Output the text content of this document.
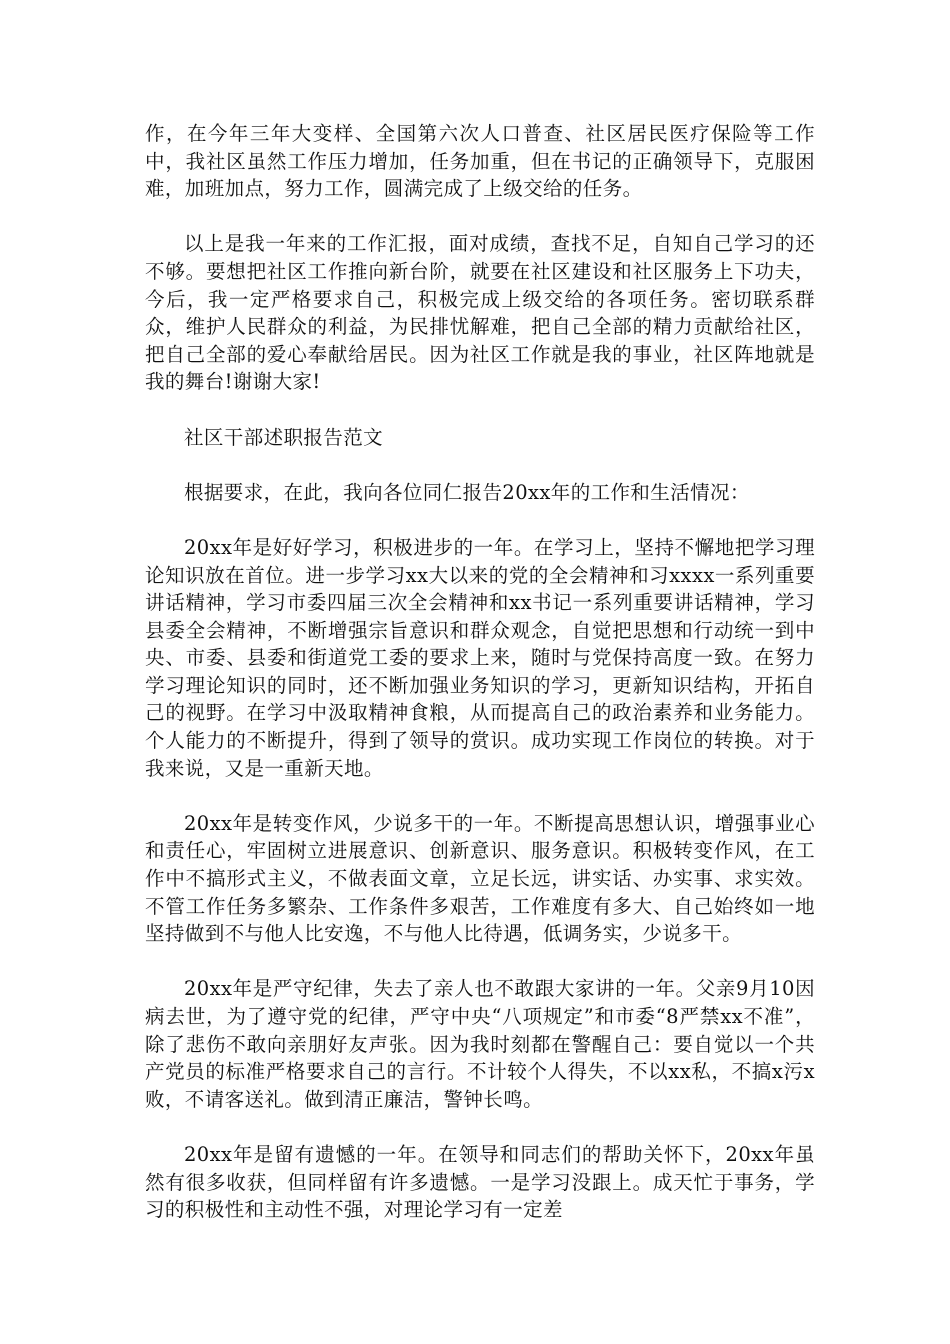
作，在今年三年大变样、全国第六次人口普查、社区居民医疗保险等工作中，我社区虽然工作压力增加，任务加重，但在书记的正确领导下，克服困难，加班加点，努力工作，圆满完成了上级交给的任务。

以上是我一年来的工作汇报，面对成绩，查找不足，自知自己学习的还不够。要想把社区工作推向新台阶，就要在社区建设和社区服务上下功夫，今后，我一定严格要求自己，积极完成上级交给的各项任务。密切联系群众，维护人民群众的利益，为民排忧解难，把自己全部的精力贡献给社区，把自己全部的爱心奉献给居民。因为社区工作就是我的事业，社区阵地就是我的舞台!谢谢大家!

社区干部述职报告范文

根据要求，在此，我向各位同仁报告20xx年的工作和生活情况：

20xx年是好好学习，积极进步的一年。在学习上，坚持不懈地把学习理论知识放在首位。进一步学习xx大以来的党的全会精神和习xxxx一系列重要讲话精神，学习市委四届三次全会精神和xx书记一系列重要讲话精神，学习县委全会精神，不断增强宗旨意识和群众观念，自觉把思想和行动统一到中央、市委、县委和街道党工委的要求上来，随时与党保持高度一致。在努力学习理论知识的同时，还不断加强业务知识的学习，更新知识结构，开拓自己的视野。在学习中汲取精神食粮，从而提高自己的政治素养和业务能力。个人能力的不断提升，得到了领导的赏识。成功实现工作岗位的转换。对于我来说，又是一重新天地。

20xx年是转变作风，少说多干的一年。不断提高思想认识，增强事业心和责任心，牢固树立进展意识、创新意识、服务意识。积极转变作风，在工作中不搞形式主义，不做表面文章，立足长远，讲实话、办实事、求实效。不管工作任务多繁杂、工作条件多艰苦，工作难度有多大、自己始终如一地坚持做到不与他人比安逸，不与他人比待遇，低调务实，少说多干。

20xx年是严守纪律，失去了亲人也不敢跟大家讲的一年。父亲9月10因病去世，为了遵守党的纪律，严守中央“八项规定”和市委“8严禁xx不准”，除了悲伤不敢向亲朋好友声张。因为我时刻都在警醒自己：要自觉以一个共产党员的标准严格要求自己的言行。不计较个人得失，不以xx私，不搞x污x败，不请客送礼。做到清正廉洁，警钟长鸣。

20xx年是留有遗憾的一年。在领导和同志们的帮助关怀下，20xx年虽然有很多收获，但同样留有许多遗憾。一是学习没跟上。成天忙于事务，学习的积极性和主动性不强，对理论学习有一定差
